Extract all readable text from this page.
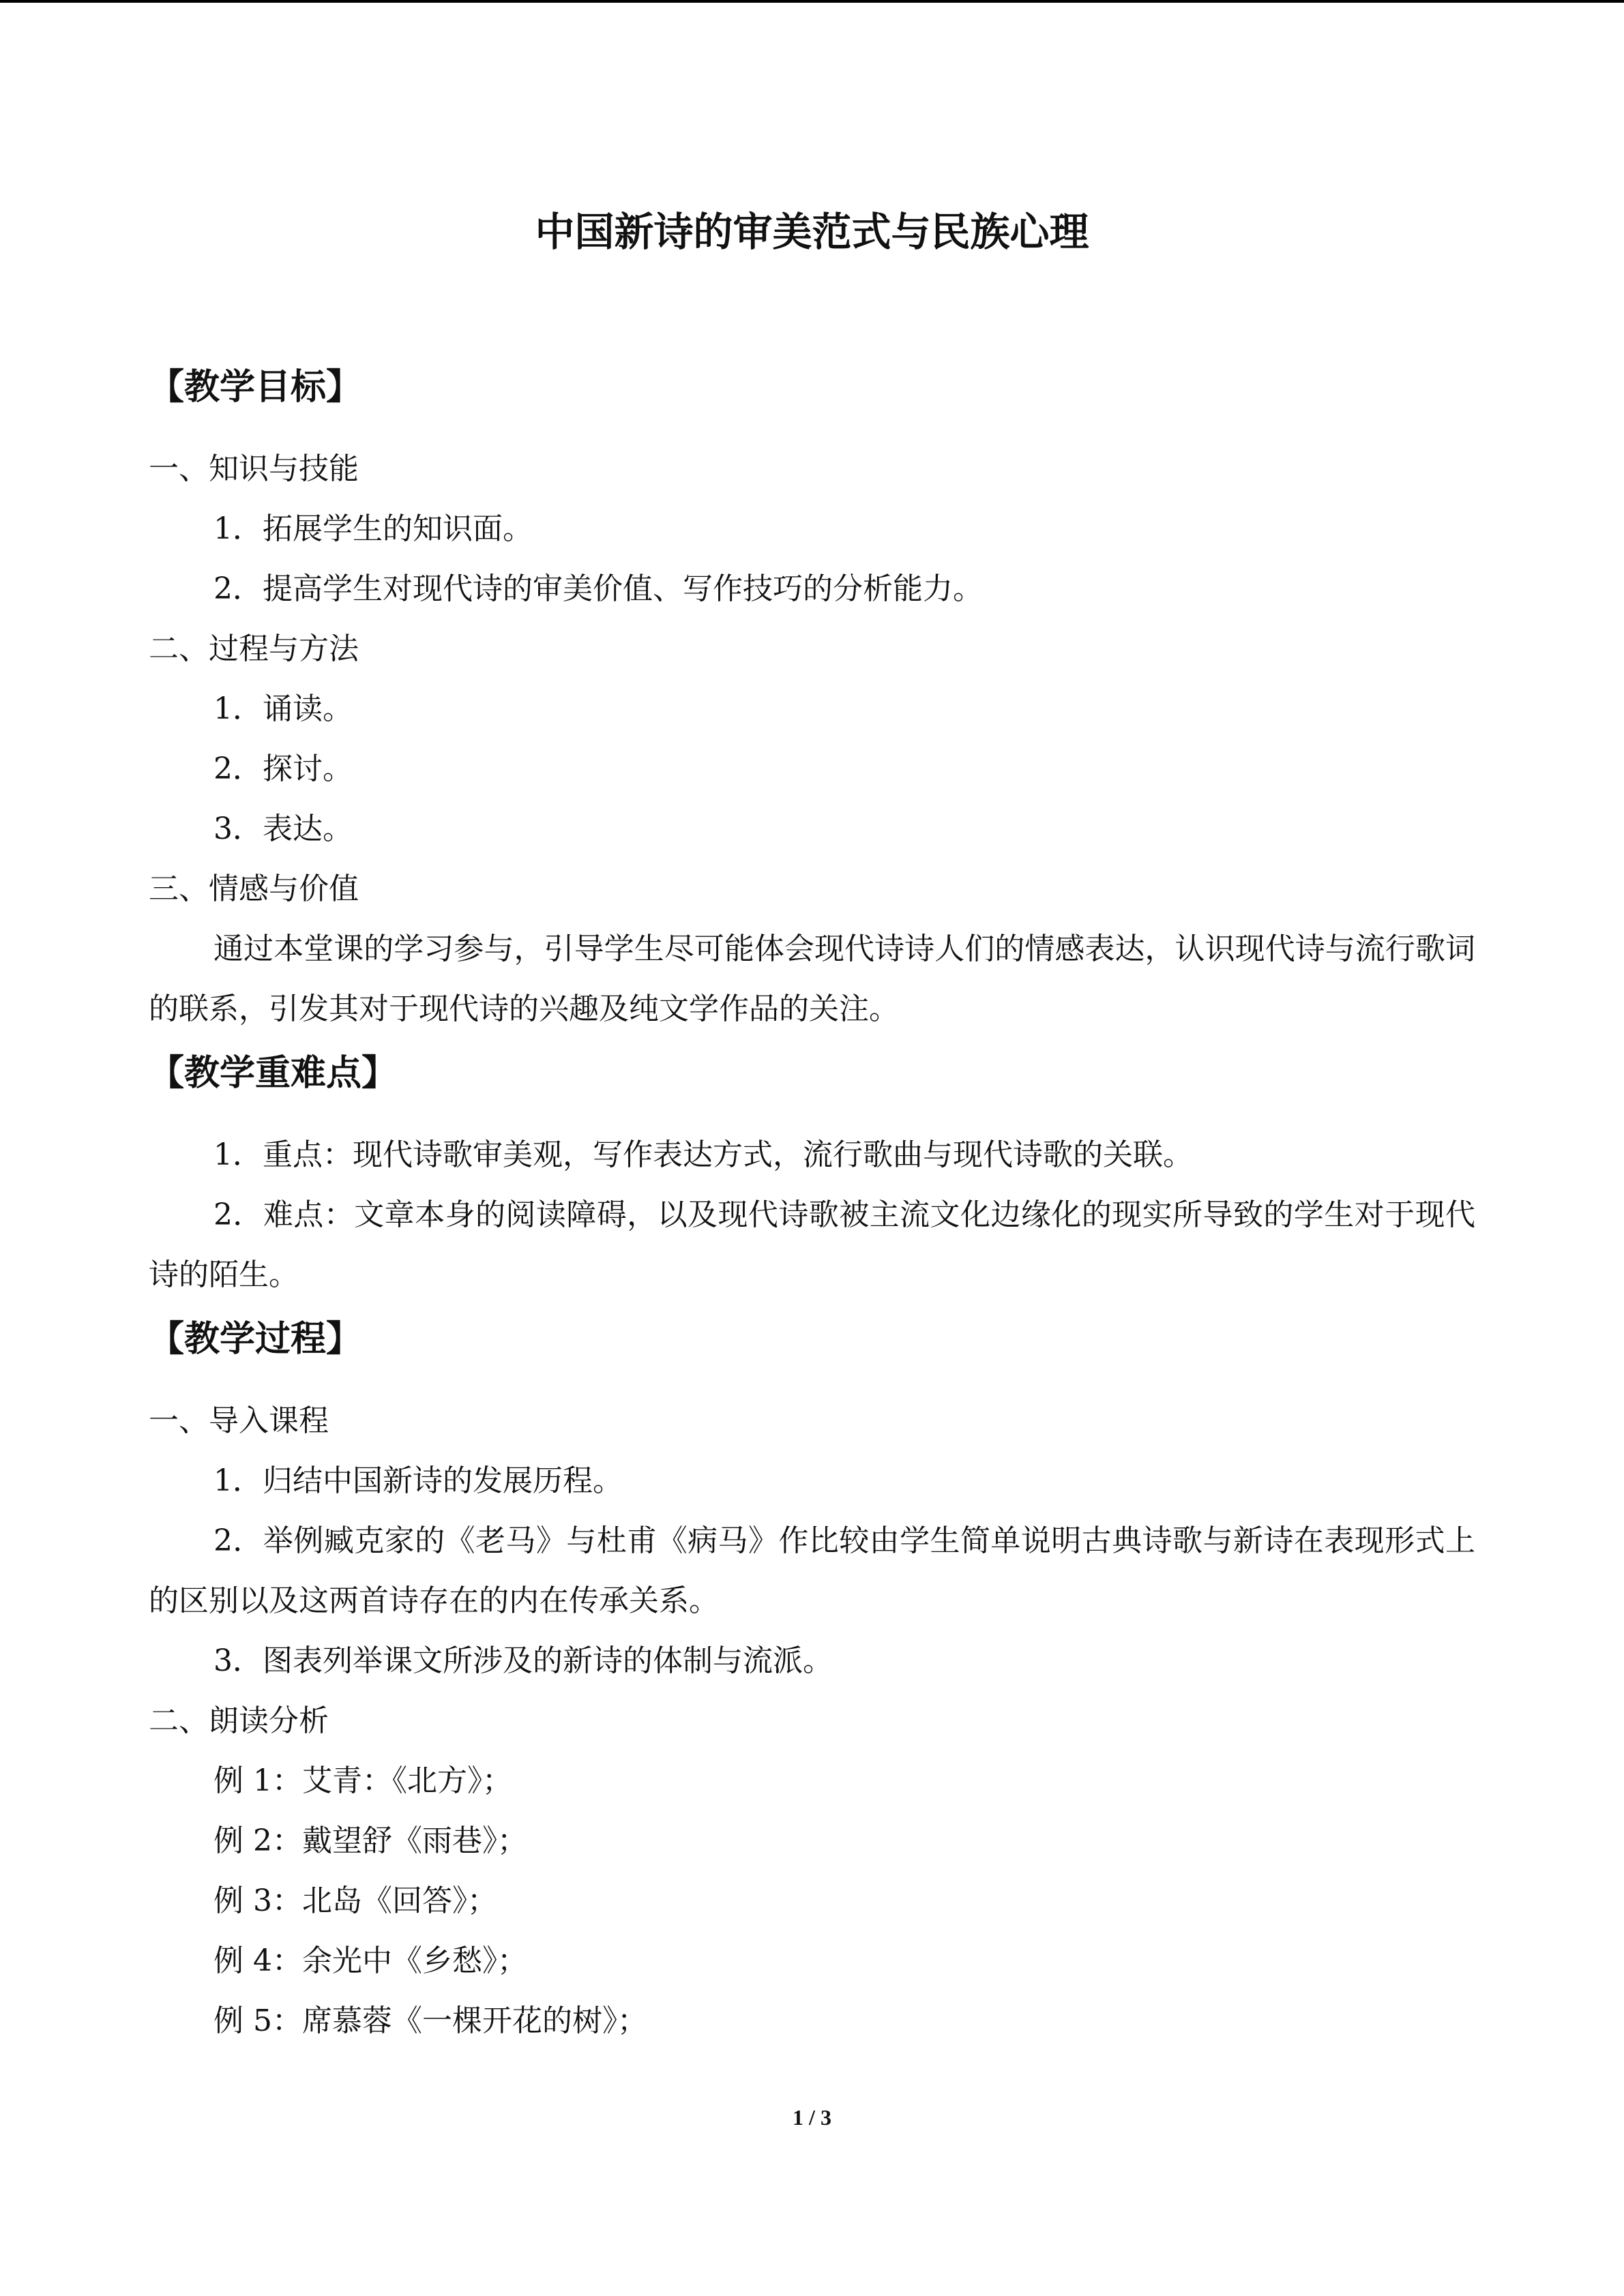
中国新诗的审美范式与民族心理
【教学目标】
一、知识与技能
1．拓展学生的知识面。
2．提高学生对现代诗的审美价值、写作技巧的分析能力。
二、过程与方法
1．诵读。
2．探讨。
3．表达。
三、情感与价值

通过本堂课的学习参与，引导学生尽可能体会现代诗诗人们的情感表达，认识现代诗与流行歌词的联系，引发其对于现代诗的兴趣及纯文学作品的关注。

【教学重难点】

1．重点：现代诗歌审美观，写作表达方式，流行歌曲与现代诗歌的关联。

2．难点：文章本身的阅读障碍，以及现代诗歌被主流文化边缘化的现实所导致的学生对于现代诗的陌生。

【教学过程】
一、导入课程

1．归结中国新诗的发展历程。

2．举例臧克家的《老马》与杜甫《病马》作比较由学生简单说明古典诗歌与新诗在表现形式上的区别以及这两首诗存在的内在传承关系。

3．图表列举课文所涉及的新诗的体制与流派。

二、朗读分析
例 1：艾青：《北方》；
例 2：戴望舒《雨巷》；
例 3：北岛《回答》；
例 4：余光中《乡愁》；
例 5：席慕蓉《一棵开花的树》；
1 / 3
